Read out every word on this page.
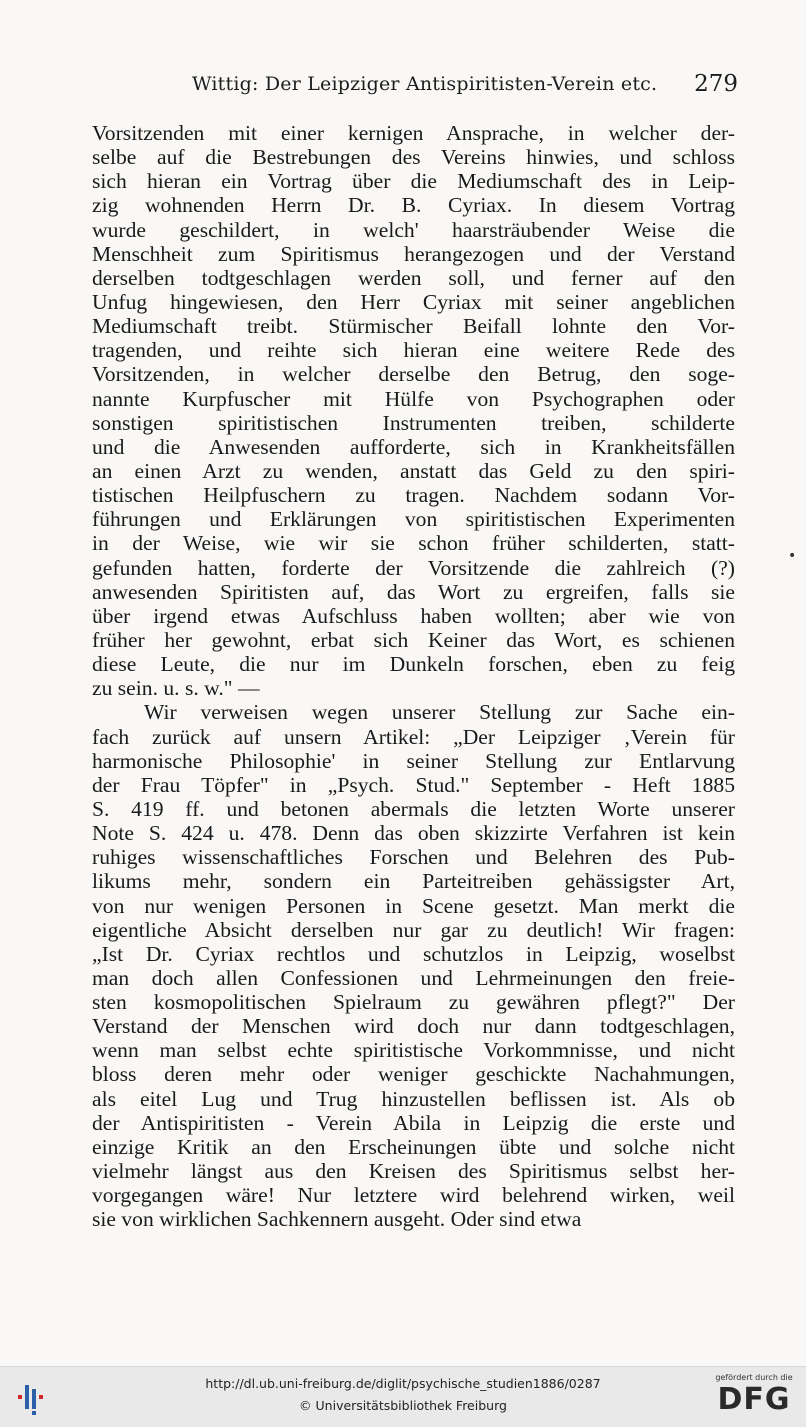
Wittig: Der Leipziger Antispiritisten-Verein etc. 279
Vorsitzenden mit einer kernigen Ansprache, in welcher der-
selbe auf die Bestrebungen des Vereins hinwies, und schloss
sich hieran ein Vortrag über die Mediumschaft des in Leip-
zig wohnenden Herrn Dr. B. Cyriax. In diesem Vortrag
wurde geschildert, in welch' haarsträubender Weise die
Menschheit zum Spiritismus herangezogen und der Verstand
derselben todtgeschlagen werden soll, und ferner auf den
Unfug hingewiesen, den Herr Cyriax mit seiner angeblichen
Mediumschaft treibt. Stürmischer Beifall lohnte den Vor-
tragenden, und reihte sich hieran eine weitere Rede des
Vorsitzenden, in welcher derselbe den Betrug, den soge-
nannte Kurpfuscher mit Hülfe von Psychographen oder
sonstigen spiritistischen Instrumenten treiben, schilderte
und die Anwesenden aufforderte, sich in Krankheitsfällen
an einen Arzt zu wenden, anstatt das Geld zu den spiri-
tistischen Heilpfuschern zu tragen. Nachdem sodann Vor-
führungen und Erklärungen von spiritistischen Experimenten
in der Weise, wie wir sie schon früher schilderten, statt-
gefunden hatten, forderte der Vorsitzende die zahlreich (?)
anwesenden Spiritisten auf, das Wort zu ergreifen, falls sie
über irgend etwas Aufschluss haben wollten; aber wie von
früher her gewohnt, erbat sich Keiner das Wort, es schienen
diese Leute, die nur im Dunkeln forschen, eben zu feig
zu sein. u. s. w." —
Wir verweisen wegen unserer Stellung zur Sache ein-
fach zurück auf unsern Artikel: „Der Leipziger ‚Verein für
harmonische Philosophie' in seiner Stellung zur Entlarvung
der Frau Töpfer" in „Psych. Stud." September - Heft 1885
S. 419 ff. und betonen abermals die letzten Worte unserer
Note S. 424 u. 478. Denn das oben skizzirte Verfahren ist kein
ruhiges wissenschaftliches Forschen und Belehren des Pub-
likums mehr, sondern ein Parteitreiben gehässigster Art,
von nur wenigen Personen in Scene gesetzt. Man merkt die
eigentliche Absicht derselben nur gar zu deutlich! Wir fragen:
„Ist Dr. Cyriax rechtlos und schutzlos in Leipzig, woselbst
man doch allen Confessionen und Lehrmeinungen den freie-
sten kosmopolitischen Spielraum zu gewähren pflegt?" Der
Verstand der Menschen wird doch nur dann todtgeschlagen,
wenn man selbst echte spiritistische Vorkommnisse, und nicht
bloss deren mehr oder weniger geschickte Nachahmungen,
als eitel Lug und Trug hinzustellen beflissen ist. Als ob
der Antispiritisten - Verein Abila in Leipzig die erste und
einzige Kritik an den Erscheinungen übte und solche nicht
vielmehr längst aus den Kreisen des Spiritismus selbst her-
vorgegangen wäre! Nur letztere wird belehrend wirken, weil
sie von wirklichen Sachkennern ausgeht. Oder sind etwa
•
http://dl.ub.uni-freiburg.de/diglit/psychische_studien1886/0287
© Universitätsbibliothek Freiburg
gefördert durch die
DFG
